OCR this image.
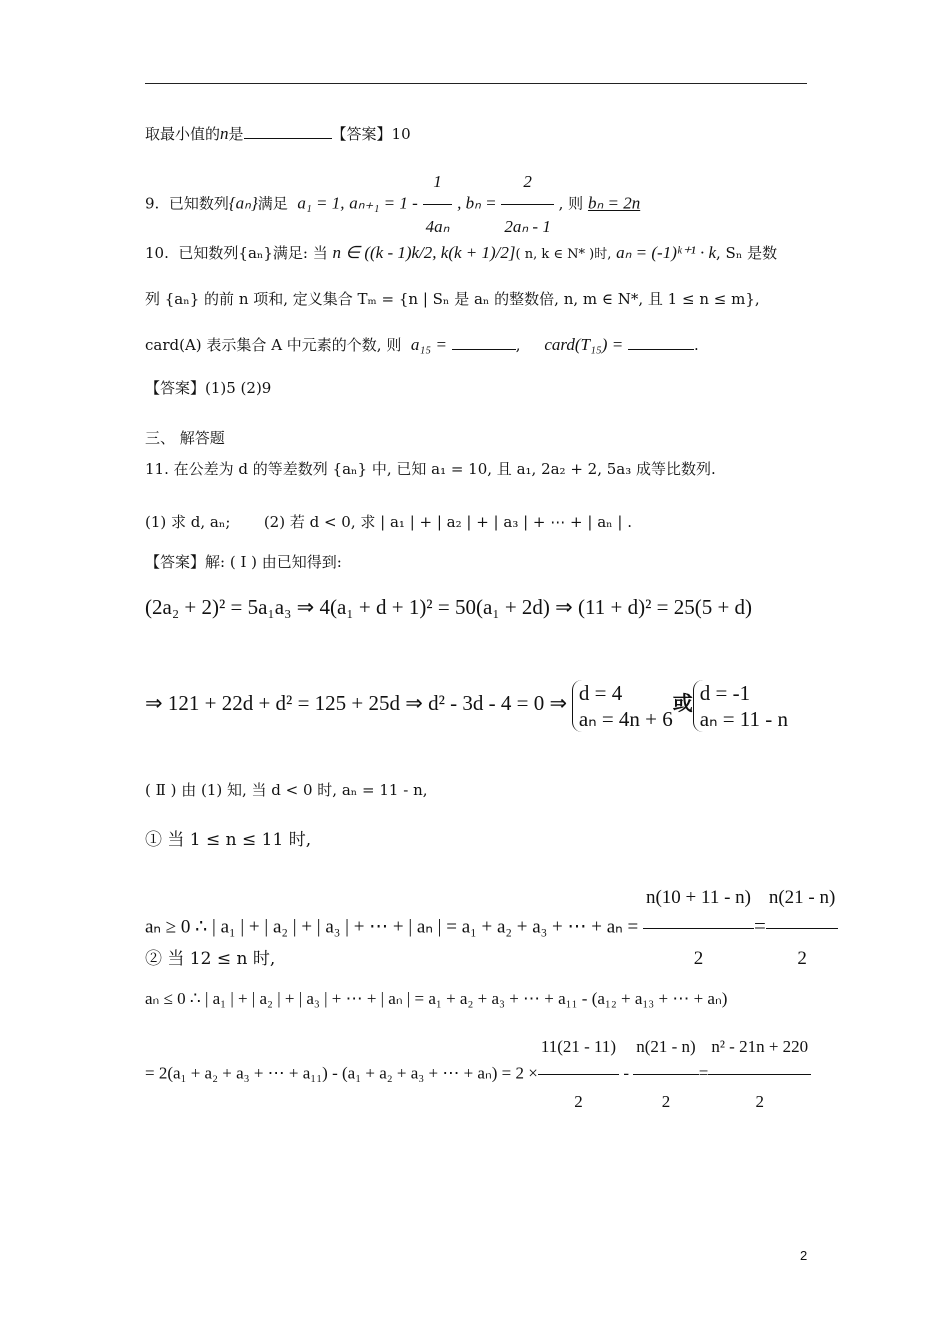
取最小值的n是	【答案】10
9. 已知数列{aₙ}满足 a₁ = 1, $a_{n+1} = 1 - \frac{1}{\text{4aₙ}}$ , $b_n = \frac{2}{\text{2aₙ - 1}}$ , 则 bₙ = 2n
10. 已知数列{aₙ}满足: 当 n ∈ ((k - 1)k/2, k(k + 1)/2]( n, k ∈ N* )时, aₙ = (-1)ᵏ⁺¹ · k, Sₙ 是数
列 {aₙ} 的前 n 项和, 定义集合 Tₘ = {n | Sₙ 是 aₙ 的整数倍, n, m ∈ N*, 且 1 ≤ n ≤ m},
card(A) 表示集合 A 中元素的个数, 则 a₁₅ =	,     card(T₁₅) =	.
【答案】(1)5 (2)9
三、 解答题
11. 在公差为 d 的等差数列 {aₙ} 中, 已知 a₁ = 10, 且 a₁, 2a₂ + 2, 5a₃ 成等比数列.
(1) 求 d, aₙ; (2) 若 d < 0, 求 | a₁ | + | a₂ | + | a₃ | + ⋯ + | aₙ | .
【答案】解: ( Ⅰ ) 由已知得到:
(2a₂ + 2)² = 5a₁a₃ ⇒ 4(a₁ + d + 1)² = 50(a₁ + 2d) ⇒ (11 + d)² = 25(5 + d)
⇒ 121 + 22d + d² = 125 + 25d ⇒ d² - 3d - 4 = 0 ⇒ d = 4
aₙ = 4n + 6
或 d = -1
aₙ = 11 - n
( Ⅱ ) 由 (1) 知, 当 d < 0 时, aₙ = 11 - n,
① 当 1 ≤ n ≤ 11 时,
aₙ ≥ 0 ∴ | a₁ | + | a₂ | + | a₃ | + ⋯ + | aₙ | = a₁ + a₂ + a₃ + ⋯ + $a_n = \frac{n(10 + 11 - n)}{2} = \frac{n(21 - n)}{2}$
② 当 12 ≤ n 时,
aₙ ≤ 0 ∴ | a₁ | + | a₂ | + | a₃ | + ⋯ + | aₙ | = a₁ + a₂ + a₃ + ⋯ + a₁₁ - (a₁₂ + a₁₃ + ⋯ + aₙ)
= 2(a₁ + a₂ + a₃ + ⋯ + a₁₁) - (a₁ + a₂ + a₃ + ⋯ + $a_n) = 2 \times \frac{11(21 - 11)}{2} - \frac{n(21 - n)}{2} = \frac{\text{n² - 21n + 220}}{2}$
2
